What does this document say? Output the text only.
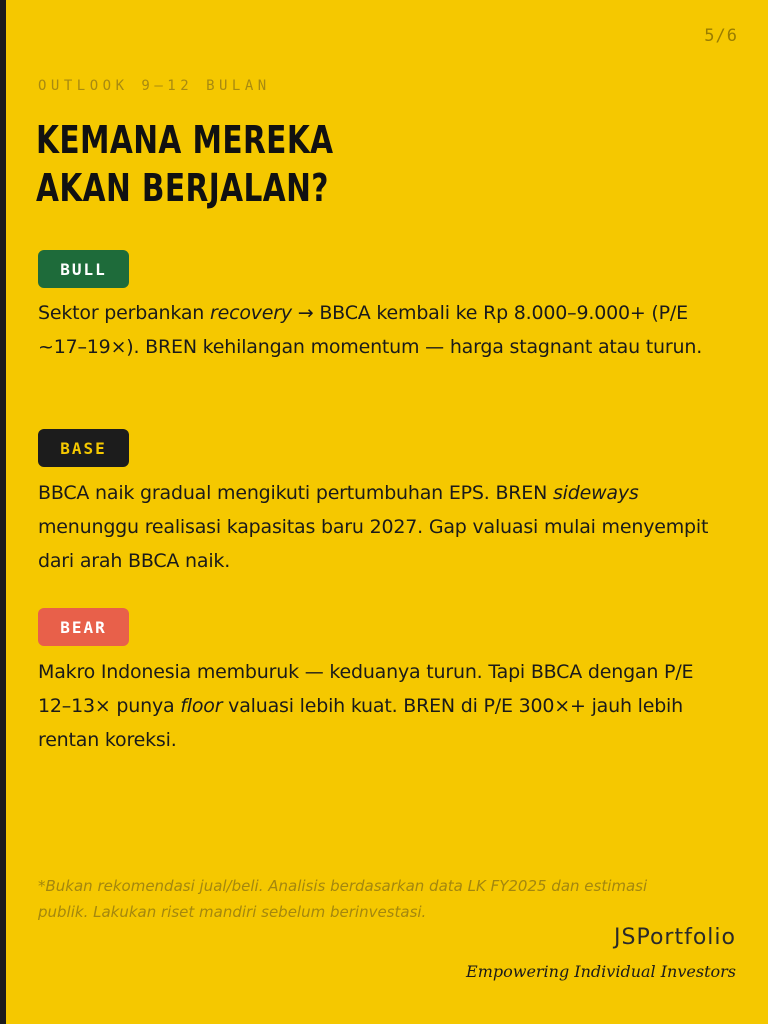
5/6
OUTLOOK 9–12 BULAN
KEMANA MEREKA
AKAN BERJALAN?
BULL
Sektor perbankan recovery → BBCA kembali ke Rp 8.000–9.000+ (P/E ~17–19×). BREN kehilangan momentum — harga stagnant atau turun.
BASE
BBCA naik gradual mengikuti pertumbuhan EPS. BREN sideways menunggu realisasi kapasitas baru 2027. Gap valuasi mulai menyempit dari arah BBCA naik.
BEAR
Makro Indonesia memburuk — keduanya turun. Tapi BBCA dengan P/E 12–13× punya floor valuasi lebih kuat. BREN di P/E 300×+ jauh lebih rentan koreksi.
*Bukan rekomendasi jual/beli. Analisis berdasarkan data LK FY2025 dan estimasi publik. Lakukan riset mandiri sebelum berinvestasi.
JSPortfolio
Empowering Individual Investors
